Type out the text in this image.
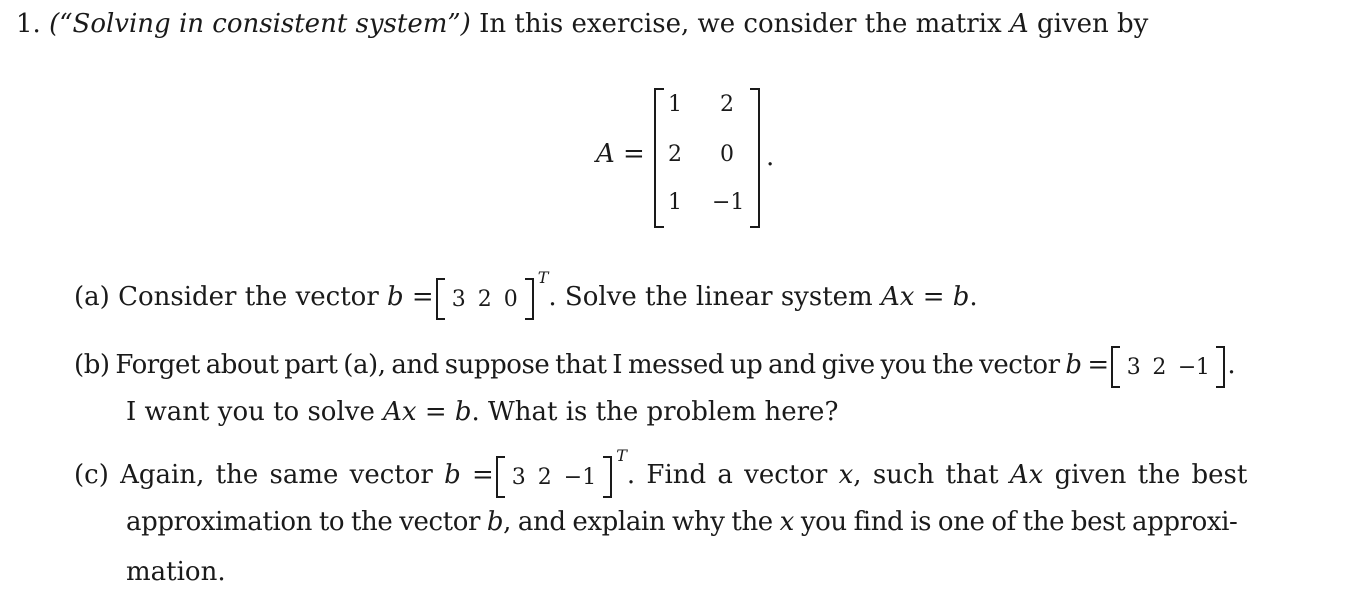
1. (“Solving in consistent system”) In this exercise, we consider the matrix A given by
A =
1	2
2	0
1	−1
.
(a) Consider the vector b = 3 2 $0^T$. Solve the linear system Ax = b.
(b) Forget about part (a), and suppose that I messed up and give you the vector b = 3 2 −1 .
I want you to solve Ax = b. What is the problem here?
(c) Again, the same vector b = 3 $2 -1^T$. Find a vector x, such that Ax given the best
approximation to the vector b, and explain why the x you find is one of the best approxi-
mation.
